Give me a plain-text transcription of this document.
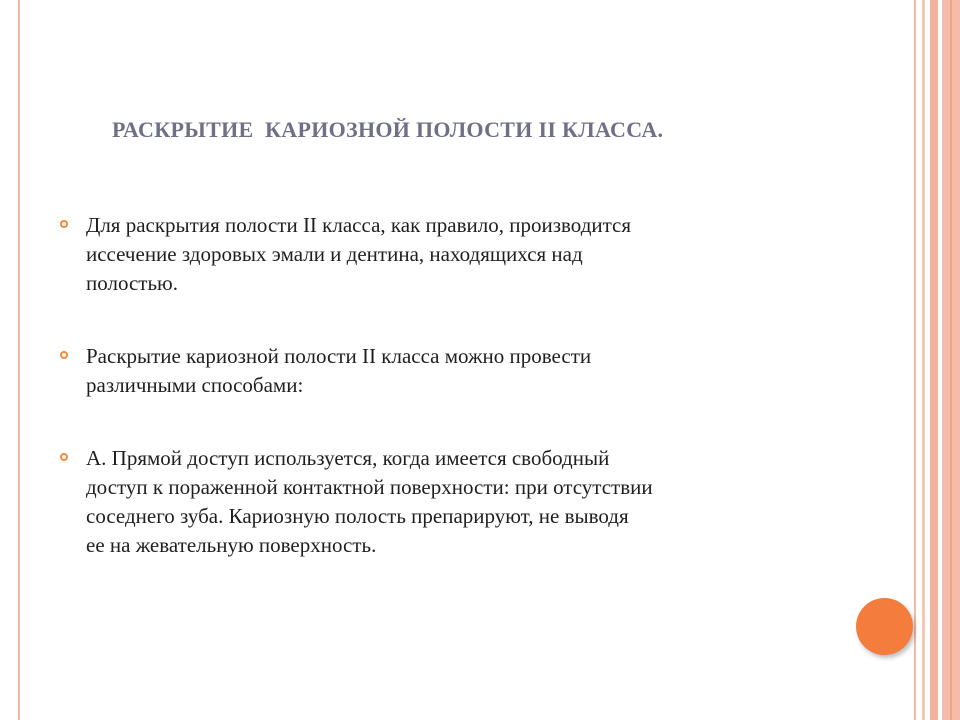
РАСКРЫТИЕ  КАРИОЗНОЙ ПОЛОСТИ II КЛАССА.
Для раскрытия полости II класса, как правило, производится
иссечение здоровых эмали и дентина, находящихся над
полостью.
Раскрытие кариозной полости II класса можно провести
различными способами:
А. Прямой доступ используется, когда имеется свободный
доступ к пораженной контактной поверхности: при отсутствии
соседнего зуба. Кариозную полость препарируют, не выводя
ее на жевательную поверхность.
